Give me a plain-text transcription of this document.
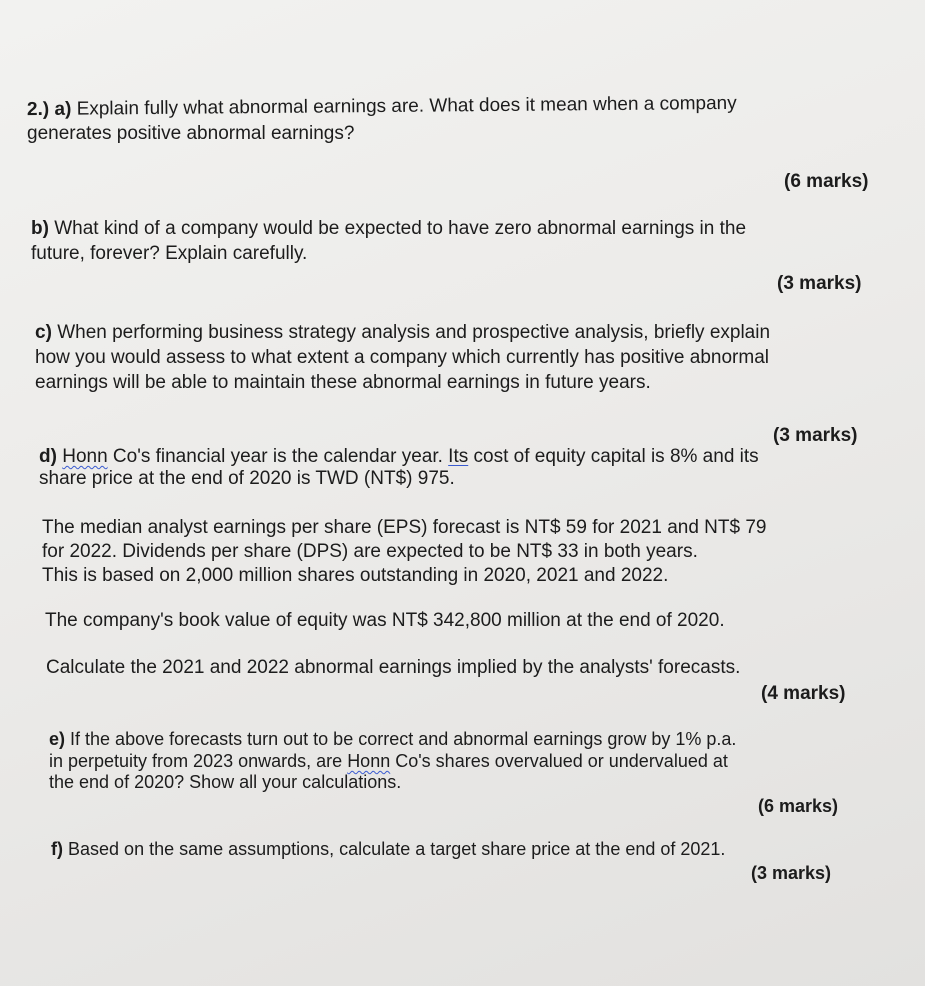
2.) a) Explain fully what abnormal earnings are. What does it mean when a company
generates positive abnormal earnings?
(6 marks)
b) What kind of a company would be expected to have zero abnormal earnings in the
future, forever? Explain carefully.
(3 marks)
c) When performing business strategy analysis and prospective analysis, briefly explain
how you would assess to what extent a company which currently has positive abnormal
earnings will be able to maintain these abnormal earnings in future years.
(3 marks)
d) Honn Co's financial year is the calendar year. Its cost of equity capital is 8% and its
share price at the end of 2020 is TWD (NT$) 975.
The median analyst earnings per share (EPS) forecast is NT$ 59 for 2021 and NT$ 79
for 2022. Dividends per share (DPS) are expected to be NT$ 33 in both years.
This is based on 2,000 million shares outstanding in 2020, 2021 and 2022.
The company's book value of equity was NT$ 342,800 million at the end of 2020.
Calculate the 2021 and 2022 abnormal earnings implied by the analysts' forecasts.
(4 marks)
e) If the above forecasts turn out to be correct and abnormal earnings grow by 1% p.a.
in perpetuity from 2023 onwards, are Honn Co's shares overvalued or undervalued at
the end of 2020? Show all your calculations.
(6 marks)
f) Based on the same assumptions, calculate a target share price at the end of 2021.
(3 marks)
